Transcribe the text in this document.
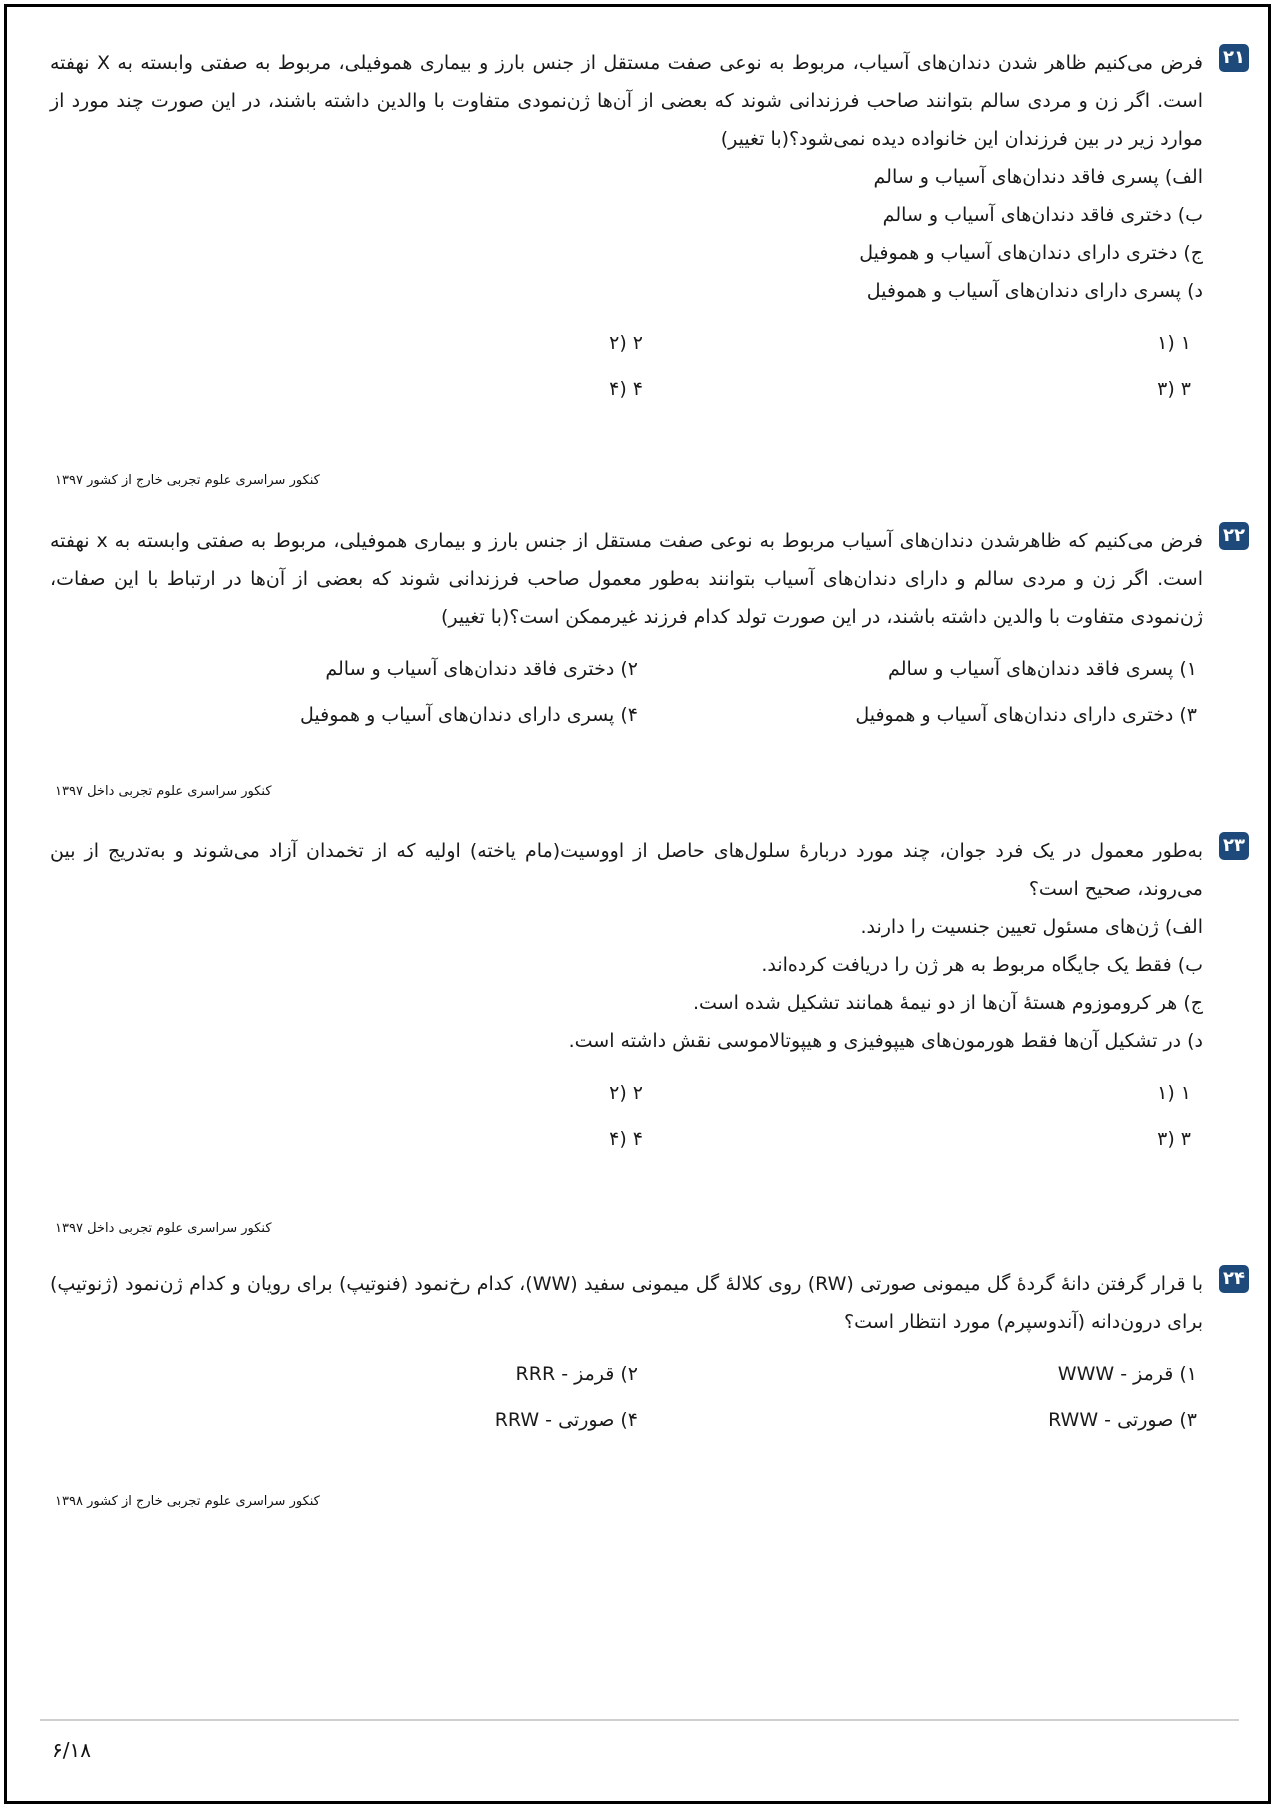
۲۱

فرض می‌کنیم ظاهر شدن دندان‌های آسیاب، مربوط به نوعی صفت مستقل از جنس بارز و بیماری هموفیلی، مربوط به صفتی وابسته به X نهفته است. اگر زن و مردی سالم بتوانند صاحب فرزندانی شوند که بعضی از آن‌ها ژن‌نمودی متفاوت با والدین داشته باشند، در این صورت چند مورد از موارد زیر در بین فرزندان این خانواده دیده نمی‌شود؟(با تغییر)

الف) پسری فاقد دندان‌های آسیاب و سالم
ب) دختری فاقد دندان‌های آسیاب و سالم
ج) دختری دارای دندان‌های آسیاب و هموفیل
د) پسری دارای دندان‌های آسیاب و هموفیل
۱ (۱
۲ (۲
۳ (۳
۴ (۴
کنکور سراسری علوم تجربی خارج از کشور ۱۳۹۷
۲۲

فرض می‌کنیم که ظاهرشدن دندان‌های آسیاب مربوط به نوعی صفت مستقل از جنس بارز و بیماری هموفیلی، مربوط به صفتی وابسته به x نهفته است. اگر زن و مردی سالم و دارای دندان‌های آسیاب بتوانند به‌طور معمول صاحب فرزندانی شوند که بعضی از آن‌ها در ارتباط با این صفات، ژن‌نمودی متفاوت با والدین داشته باشند، در این صورت تولد کدام فرزند غیرممکن است؟(با تغییر)

۱) پسری فاقد دندان‌های آسیاب و سالم
۲) دختری فاقد دندان‌های آسیاب و سالم
۳) دختری دارای دندان‌های آسیاب و هموفیل
۴) پسری دارای دندان‌های آسیاب و هموفیل
کنکور سراسری علوم تجربی داخل ۱۳۹۷
۲۳

به‌طور معمول در یک فرد جوان، چند مورد دربارهٔ سلول‌های حاصل از اووسیت(مام یاخته) اولیه که از تخمدان آزاد می‌شوند و به‌تدریج از بین می‌روند، صحیح است؟

الف) ژن‌های مسئول تعیین جنسیت را دارند.
ب) فقط یک جایگاه مربوط به هر ژن را دریافت کرده‌اند.
ج) هر کروموزوم هستهٔ آن‌ها از دو نیمهٔ همانند تشکیل شده است.
د) در تشکیل آن‌ها فقط هورمون‌های هیپوفیزی و هیپوتالاموسی نقش داشته است.
۱ (۱
۲ (۲
۳ (۳
۴ (۴
کنکور سراسری علوم تجربی داخل ۱۳۹۷
۲۴

با قرار گرفتن دانهٔ گردهٔ گل میمونی صورتی (RW) روی کلالهٔ گل میمونی سفید (WW)، کدام رخ‌نمود (فنوتیپ) برای رویان و کدام ژن‌نمود (ژنوتیپ) برای درون‌دانه (آندوسپرم) مورد انتظار است؟

۱) قرمز - WWW
۲) قرمز - RRR
۳) صورتی - RWW
۴) صورتی - RRW
کنکور سراسری علوم تجربی خارج از کشور ۱۳۹۸
۶/۱۸
